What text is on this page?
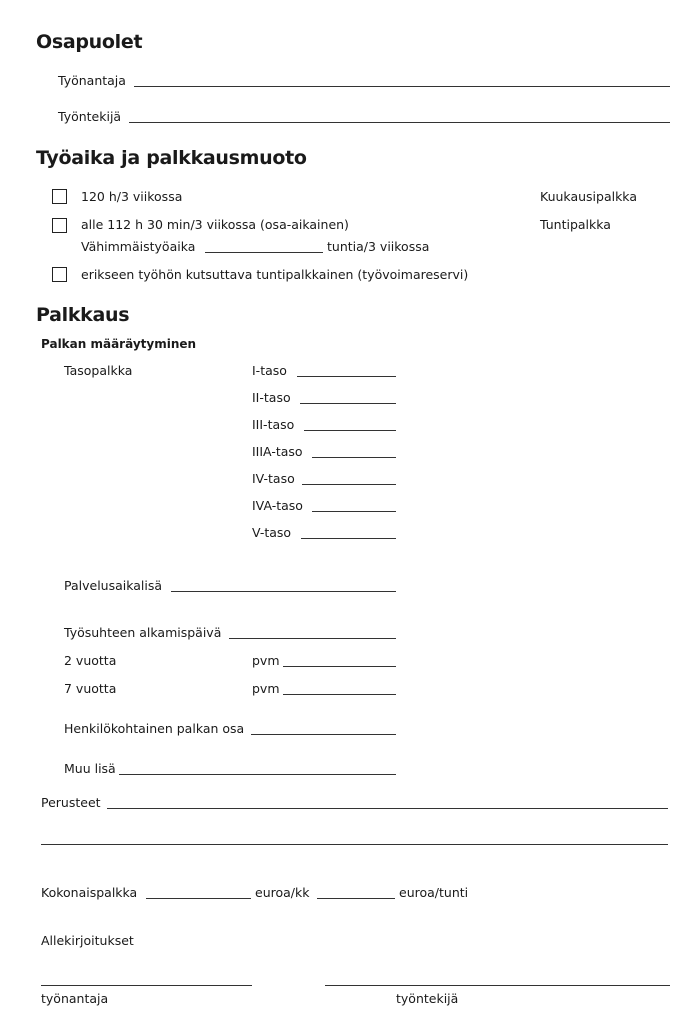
Osapuolet
Työnantaja
Työntekijä
Työaika ja palkkausmuoto
120 h/3 viikossa	Kuukausipalkka
alle 112 h 30 min/3 viikossa (osa-aikainen)	Tuntipalkka
Vähimmäistyöaika	tuntia/3 viikossa
erikseen työhön kutsuttava tuntipalkkainen (työvoimareservi)
Palkkaus
Palkan määräytyminen
Tasopalkka	I-taso
II-taso
III-taso
IIIA-taso
IV-taso
IVA-taso
V-taso
Palvelusaikalisä
Työsuhteen alkamispäivä
2 vuotta	pvm
7 vuotta	pvm
Henkilökohtainen palkan osa
Muu lisä
Perusteet
Kokonaispalkka	euroa/kk	euroa/tunti
Allekirjoitukset
työnantaja	työntekijä
